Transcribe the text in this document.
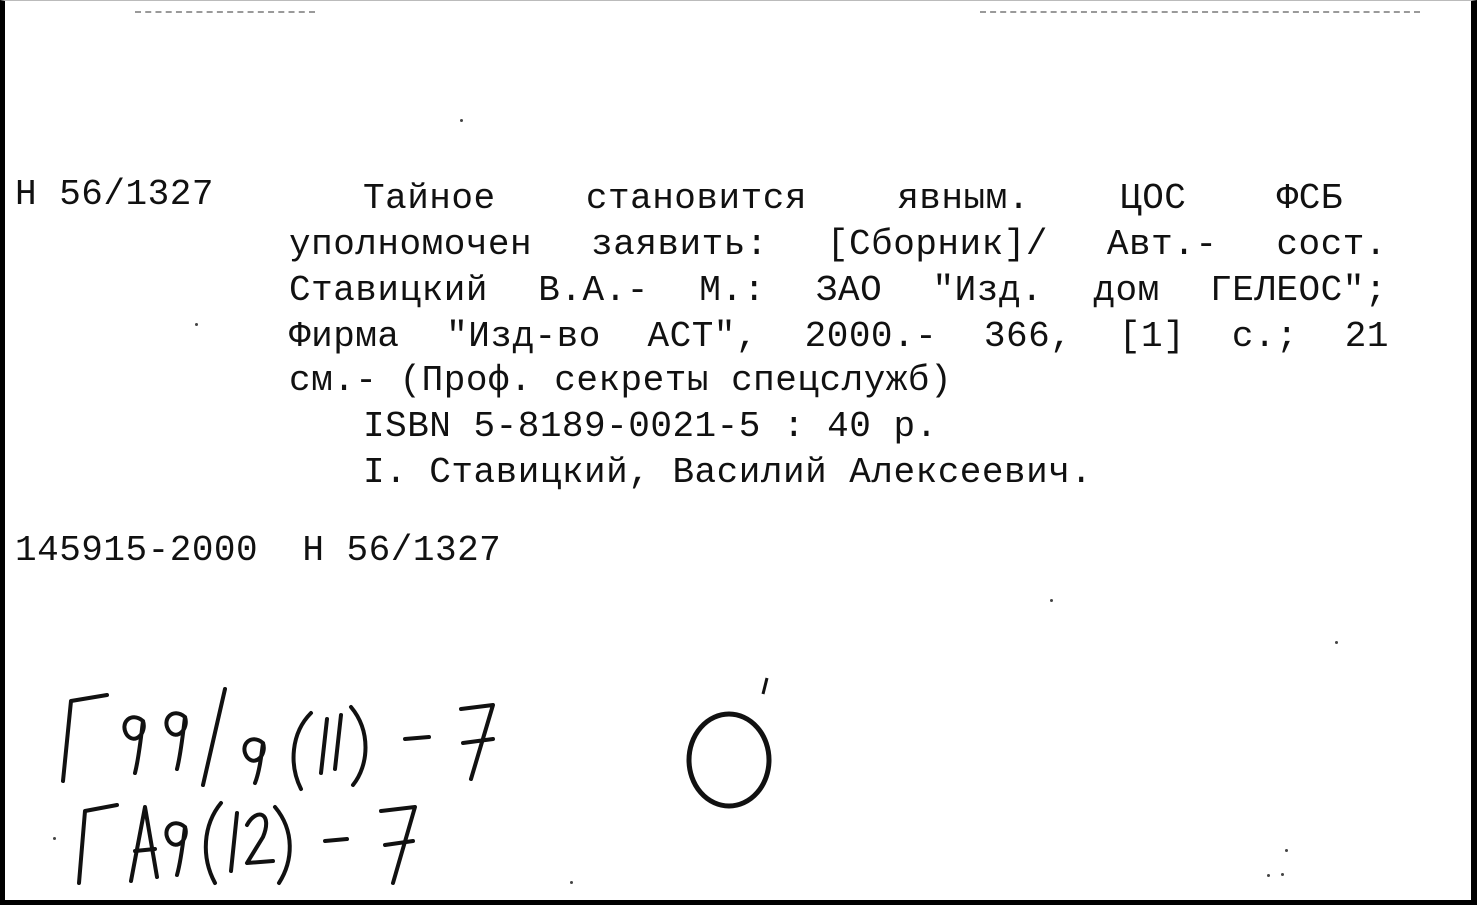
Н 56/1327	Тайное	становится	явным.	ЦОС	ФСБ
уполномочен заявить: [Сборник]/ Авт.- сост.
Ставицкий В.А.- М.: ЗАО "Изд. дом ГЕЛЕОС";
Фирма "Изд-во АСТ", 2000.- 366, [1] с.; 21
см.- (Проф. секреты спецслужб)
ISBN 5-8189-0021-5 : 40 р.
I. Ставицкий, Василий Алексеевич.
145915-2000  Н 56/1327
